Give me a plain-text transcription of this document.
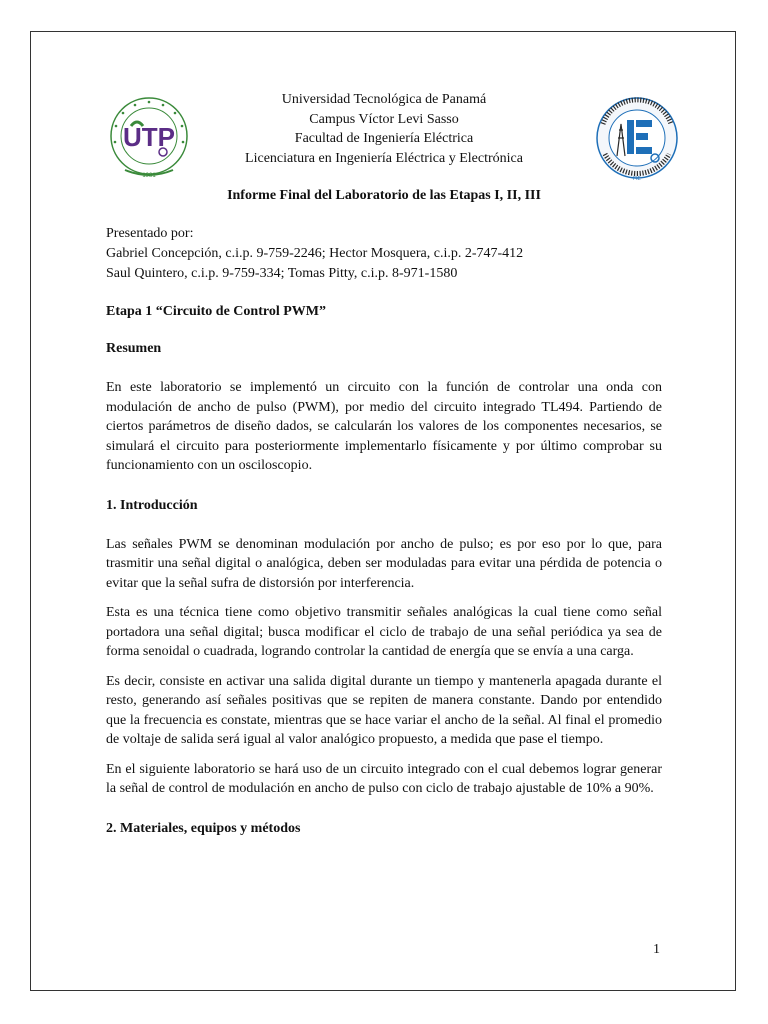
UTP
1981	FIE
Universidad Tecnológica de Panamá
Campus Víctor Levi Sasso
Facultad de Ingeniería Eléctrica
Licenciatura en Ingeniería Eléctrica y Electrónica
Informe Final del Laboratorio de las Etapas I, II, III
Presentado por:
Gabriel Concepción, c.i.p. 9-759-2246; Hector Mosquera, c.i.p. 2-747-412
Saul Quintero, c.i.p. 9-759-334; Tomas Pitty, c.i.p. 8-971-1580
Etapa 1 “Circuito de Control PWM”
Resumen

En este laboratorio se implementó un circuito con la función de controlar una onda con modulación de ancho de pulso (PWM), por medio del circuito integrado TL494. Partiendo de ciertos parámetros de diseño dados, se calcularán los valores de los componentes necesarios, se simulará el circuito para posteriormente implementarlo físicamente y por último comprobar su funcionamiento con un osciloscopio.

1. Introducción

Las señales PWM se denominan modulación por ancho de pulso; es por eso por lo que, para trasmitir una señal digital o analógica, deben ser moduladas para evitar una pérdida de potencia o evitar que la señal sufra de distorsión por interferencia.

Esta es una técnica tiene como objetivo transmitir señales analógicas la cual tiene como señal portadora una señal digital; busca modificar el ciclo de trabajo de una señal periódica ya sea de forma senoidal o cuadrada, logrando controlar la cantidad de energía que se envía a una carga.

Es decir, consiste en activar una salida digital durante un tiempo y mantenerla apagada durante el resto, generando así señales positivas que se repiten de manera constante. Dando por entendido que la frecuencia es constate, mientras que se hace variar el ancho de la señal. Al final el promedio de voltaje de salida será igual al valor analógico propuesto, a medida que pase el tiempo.

En el siguiente laboratorio se hará uso de un circuito integrado con el cual debemos lograr generar la señal de control de modulación en ancho de pulso con ciclo de trabajo ajustable de 10% a 90%.

2. Materiales, equipos y métodos
1
